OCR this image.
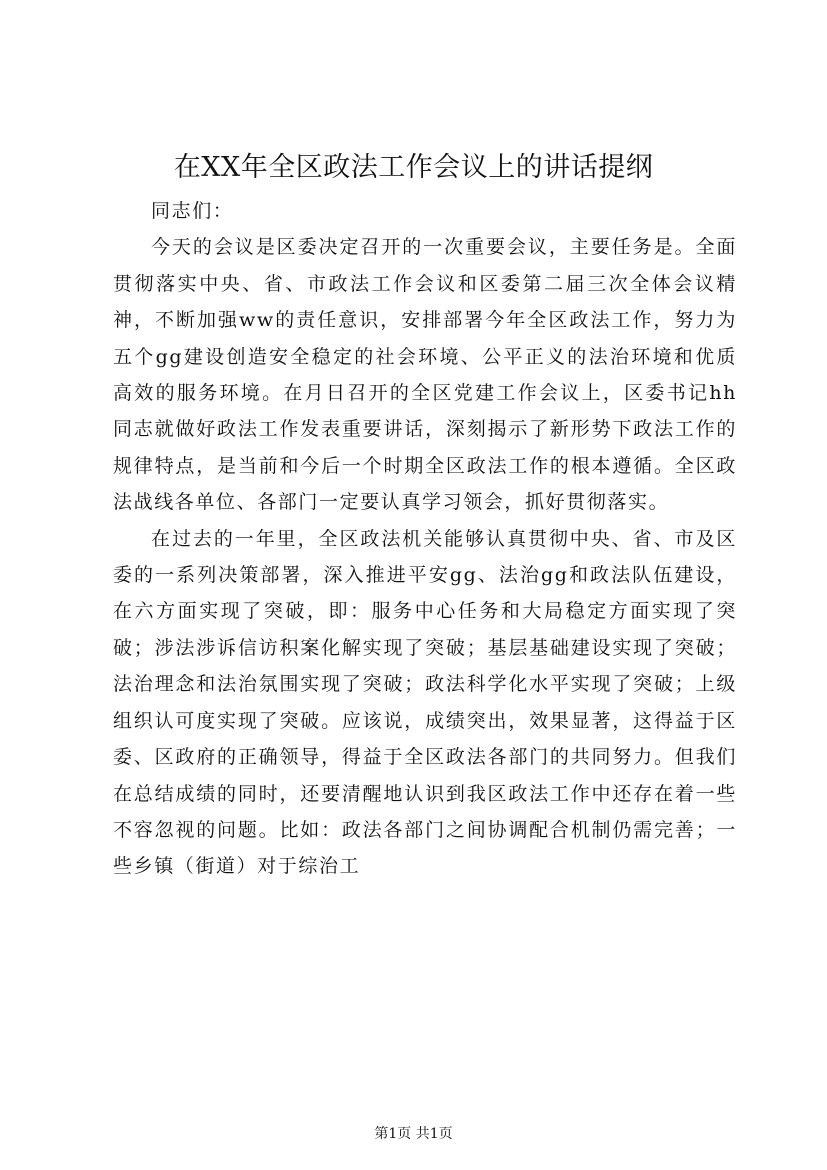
在XX年全区政法工作会议上的讲话提纲

同志们：

今天的会议是区委决定召开的一次重要会议，主要任务是。全面贯彻落实中央、省、市政法工作会议和区委第二届三次全体会议精神，不断加强ww的责任意识，安排部署今年全区政法工作，努力为五个gg建设创造安全稳定的社会环境、公平正义的法治环境和优质高效的服务环境。在月日召开的全区党建工作会议上，区委书记hh同志就做好政法工作发表重要讲话，深刻揭示了新形势下政法工作的规律特点，是当前和今后一个时期全区政法工作的根本遵循。全区政法战线各单位、各部门一定要认真学习领会，抓好贯彻落实。

在过去的一年里，全区政法机关能够认真贯彻中央、省、市及区委的一系列决策部署，深入推进平安gg、法治gg和政法队伍建设，在六方面实现了突破，即：服务中心任务和大局稳定方面实现了突破；涉法涉诉信访积案化解实现了突破；基层基础建设实现了突破；法治理念和法治氛围实现了突破；政法科学化水平实现了突破；上级组织认可度实现了突破。应该说，成绩突出，效果显著，这得益于区委、区政府的正确领导，得益于全区政法各部门的共同努力。但我们在总结成绩的同时，还要清醒地认识到我区政法工作中还存在着一些不容忽视的问题。比如：政法各部门之间协调配合机制仍需完善；一些乡镇（街道）对于综治工

第1页 共1页
